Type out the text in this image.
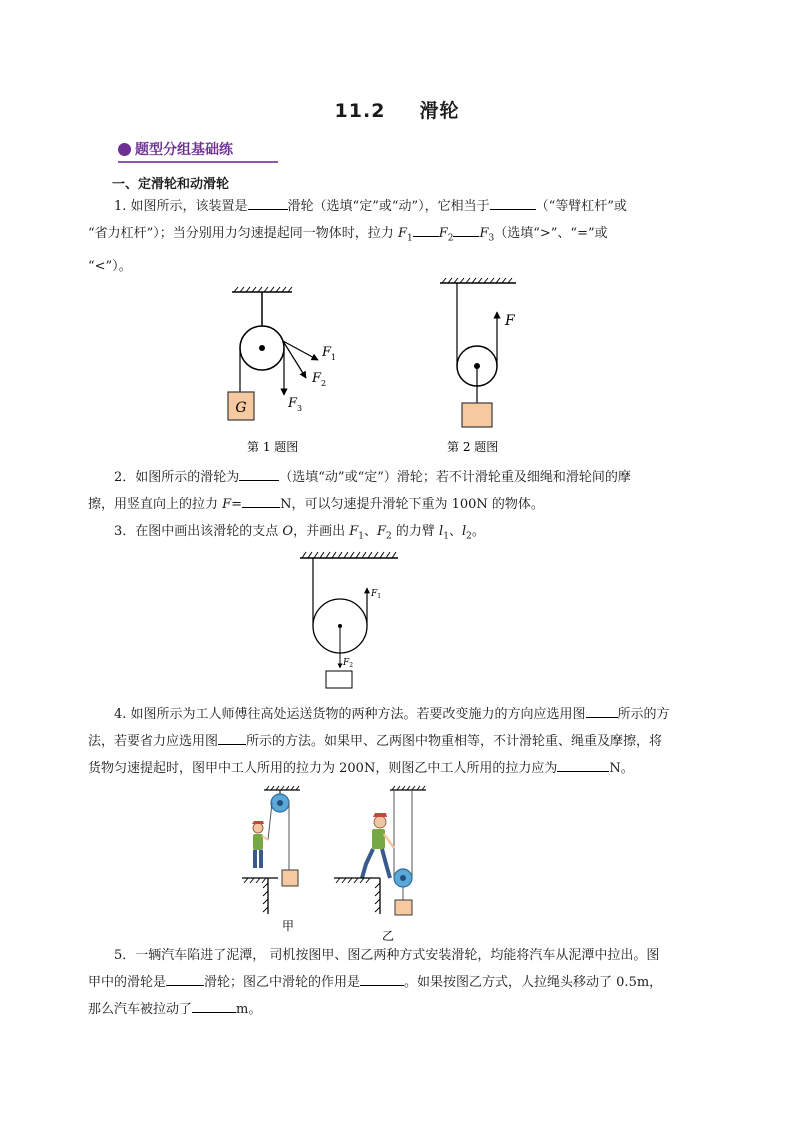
11.2 滑轮
题型分组基础练
一、定滑轮和动滑轮

1. 如图所示，该装置是	滑轮（选填“定”或“动”），它相当于	（“等臂杠杆”或

“省力杠杆”）；当分别用力匀速提起同一物体时，拉力 $F_1$ $F_2$ $F_3$（选填“>”、“=”或

“<”）。

G
$F_1$
$F_2$
$F_3$
第 1 题图
F
第 2 题图

2．如图所示的滑轮为	（选填“动”或“定”）滑轮；若不计滑轮重及细绳和滑轮间的摩

擦，用竖直向上的拉力 F=	N，可以匀速提升滑轮下重为 100N 的物体。

3．在图中画出该滑轮的支点 O，并画出 $F_1$、$F_2$ 的力臂 $l_1$、$l_2$。

$F_1$
$F_2$

4. 如图所示为工人师傅往高处运送货物的两种方法。若要改变施力的方向应选用图 所示的方

法，若要省力应选用图 所示的方法。如果甲、乙两图中物重相等，不计滑轮重、绳重及摩擦，将

货物匀速提起时，图甲中工人所用的拉力为 200N，则图乙中工人所用的拉力应为	N。

甲
乙

5．一辆汽车陷进了泥潭， 司机按图甲、图乙两种方式安装滑轮，均能将汽车从泥潭中拉出。图

甲中的滑轮是	滑轮；图乙中滑轮的作用是	。如果按图乙方式，人拉绳头移动了 0.5m，

那么汽车被拉动了	m。
